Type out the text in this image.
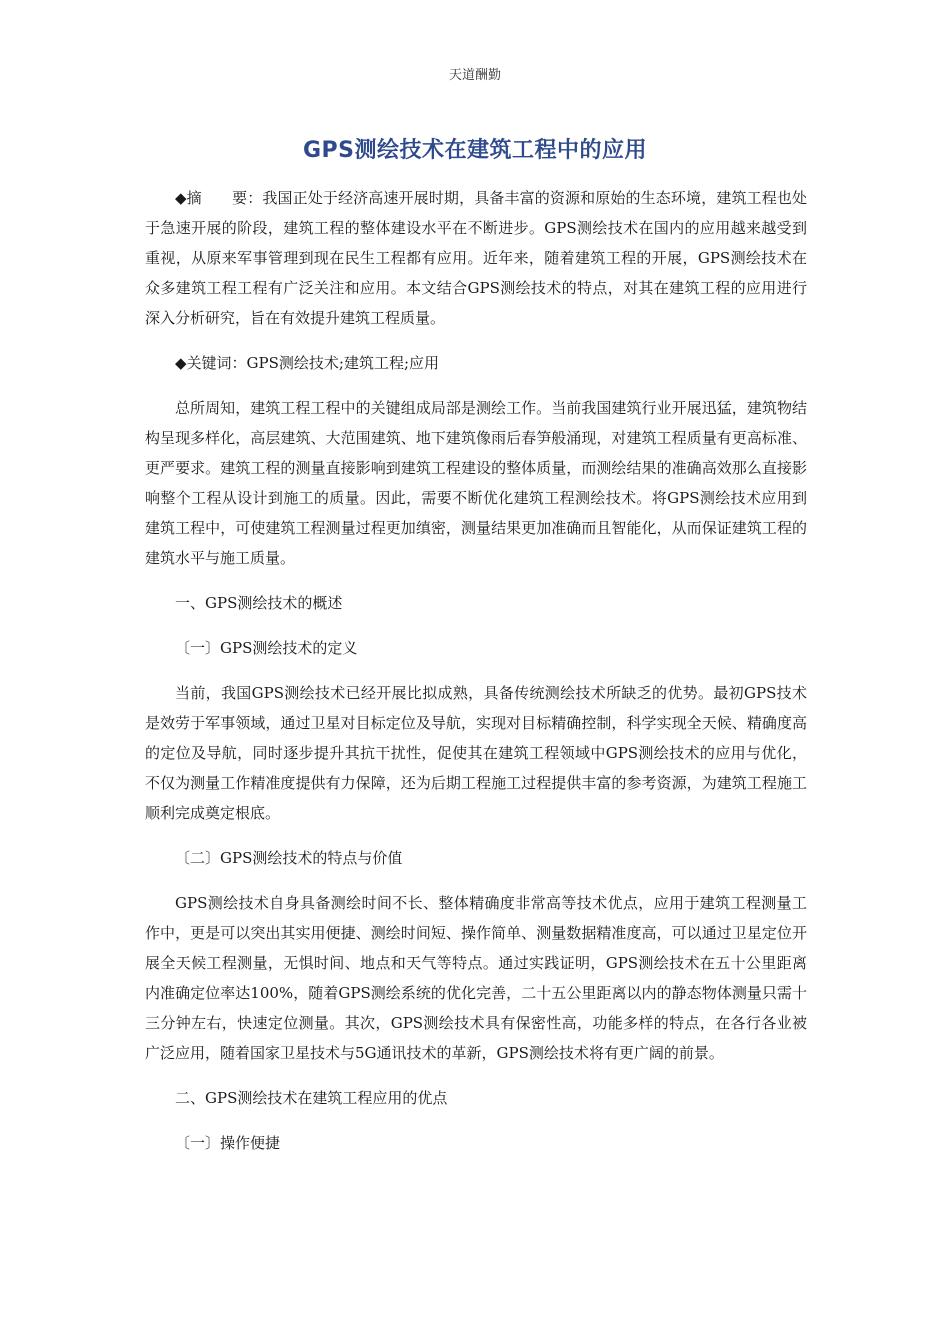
天道酬勤
GPS测绘技术在建筑工程中的应用

◆摘　　要：我国正处于经济高速开展时期，具备丰富的资源和原始的生态环境，建筑工程也处于急速开展的阶段，建筑工程的整体建设水平在不断进步。GPS测绘技术在国内的应用越来越受到重视，从原来军事管理到现在民生工程都有应用。近年来，随着建筑工程的开展，GPS测绘技术在众多建筑工程工程有广泛关注和应用。本文结合GPS测绘技术的特点，对其在建筑工程的应用进行深入分析研究，旨在有效提升建筑工程质量。

◆关键词：GPS测绘技术;建筑工程;应用

总所周知，建筑工程工程中的关键组成局部是测绘工作。当前我国建筑行业开展迅猛，建筑物结构呈现多样化，高层建筑、大范围建筑、地下建筑像雨后春笋般涌现，对建筑工程质量有更高标准、更严要求。建筑工程的测量直接影响到建筑工程建设的整体质量，而测绘结果的准确高效那么直接影响整个工程从设计到施工的质量。因此，需要不断优化建筑工程测绘技术。将GPS测绘技术应用到建筑工程中，可使建筑工程测量过程更加缜密，测量结果更加准确而且智能化，从而保证建筑工程的建筑水平与施工质量。

一、GPS测绘技术的概述

〔一〕GPS测绘技术的定义

当前，我国GPS测绘技术已经开展比拟成熟，具备传统测绘技术所缺乏的优势。最初GPS技术是效劳于军事领域，通过卫星对目标定位及导航，实现对目标精确控制，科学实现全天候、精确度高的定位及导航，同时逐步提升其抗干扰性，促使其在建筑工程领域中GPS测绘技术的应用与优化，不仅为测量工作精准度提供有力保障，还为后期工程施工过程提供丰富的参考资源，为建筑工程施工顺利完成奠定根底。

〔二〕GPS测绘技术的特点与价值

GPS测绘技术自身具备测绘时间不长、整体精确度非常高等技术优点，应用于建筑工程测量工作中，更是可以突出其实用便捷、测绘时间短、操作简单、测量数据精准度高，可以通过卫星定位开展全天候工程测量，无惧时间、地点和天气等特点。通过实践证明，GPS测绘技术在五十公里距离内准确定位率达100%，随着GPS测绘系统的优化完善，二十五公里距离以内的静态物体测量只需十三分钟左右，快速定位测量。其次，GPS测绘技术具有保密性高，功能多样的特点，在各行各业被广泛应用，随着国家卫星技术与5G通讯技术的革新，GPS测绘技术将有更广阔的前景。

二、GPS测绘技术在建筑工程应用的优点

〔一〕操作便捷
